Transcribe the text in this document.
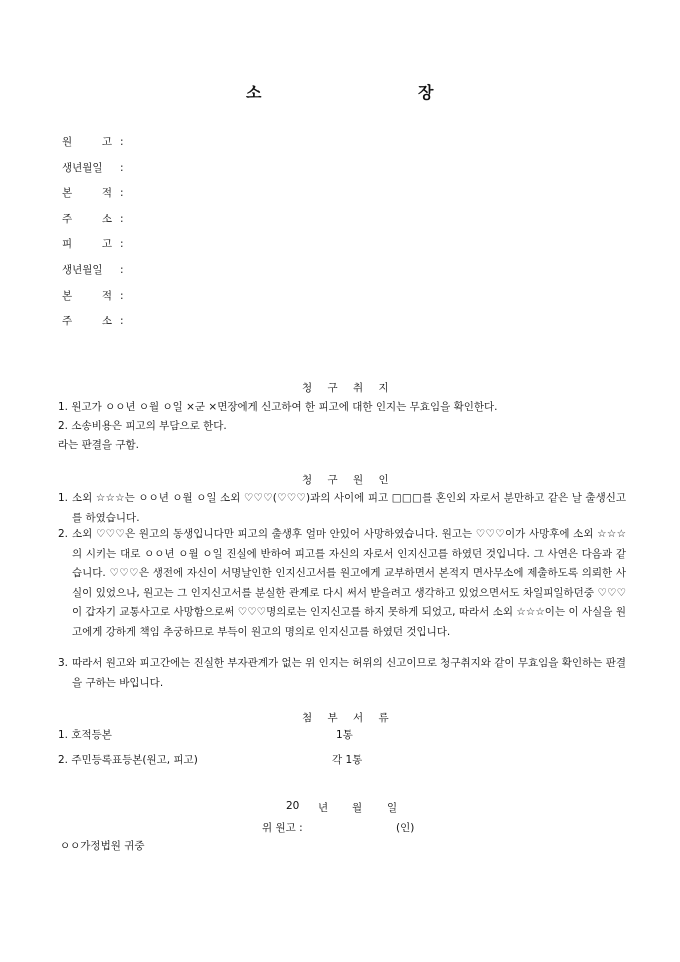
소	장
원	고 :
생년월일 :
본	적 :
주	소 :
피	고 :
생년월일 :
본	적 :
주	소 :
청 구 취 지
1. 원고가 ㅇㅇ년 ㅇ월 ㅇ일 ×군 ×면장에게 신고하여 한 피고에 대한 인지는 무효임을 확인한다.
2. 소송비용은 피고의 부담으로 한다.
라는 판결을 구함.
청 구 원 인
1. 소외 ☆☆☆는 ㅇㅇ년 ㅇ월 ㅇ일 소외 ♡♡♡(♡♡♡)과의 사이에 피고 □□□를 혼인외 자로서 분만하고 같은 날 출생신고를 하였습니다.
2. 소외 ♡♡♡은 원고의 동생입니다만 피고의 출생후 얼마 안있어 사망하였습니다. 원고는 ♡♡♡이가 사망후에 소외 ☆☆☆의 시키는 대로 ㅇㅇ년 ㅇ월 ㅇ일 진실에 반하여 피고를 자신의 자로서 인지신고를 하였던 것입니다. 그 사연은 다음과 같습니다. ♡♡♡은 생전에 자신이 서명날인한 인지신고서를 원고에게 교부하면서 본적지 면사무소에 제출하도록 의뢰한 사실이 있었으나, 원고는 그 인지신고서를 분실한 관계로 다시 써서 받을려고 생각하고 있었으면서도 차일피일하던중 ♡♡♡이 갑자기 교통사고로 사망함으로써 ♡♡♡명의로는 인지신고를 하지 못하게 되었고, 따라서 소외 ☆☆☆이는 이 사실을 원고에게 강하게 책임 추궁하므로 부득이 원고의 명의로 인지신고를 하였던 것입니다.
3. 따라서 원고와 피고간에는 진실한 부자관계가 없는 위 인지는 허위의 신고이므로 청구취지와 같이 무효임을 확인하는 판결을 구하는 바입니다.
첨 부 서 류
1. 호적등본	1통
2. 주민등록표등본(원고, 피고)	각 1통
20 년 월 일
위 원고 :	(인)
ㅇㅇ가정법원 귀중
